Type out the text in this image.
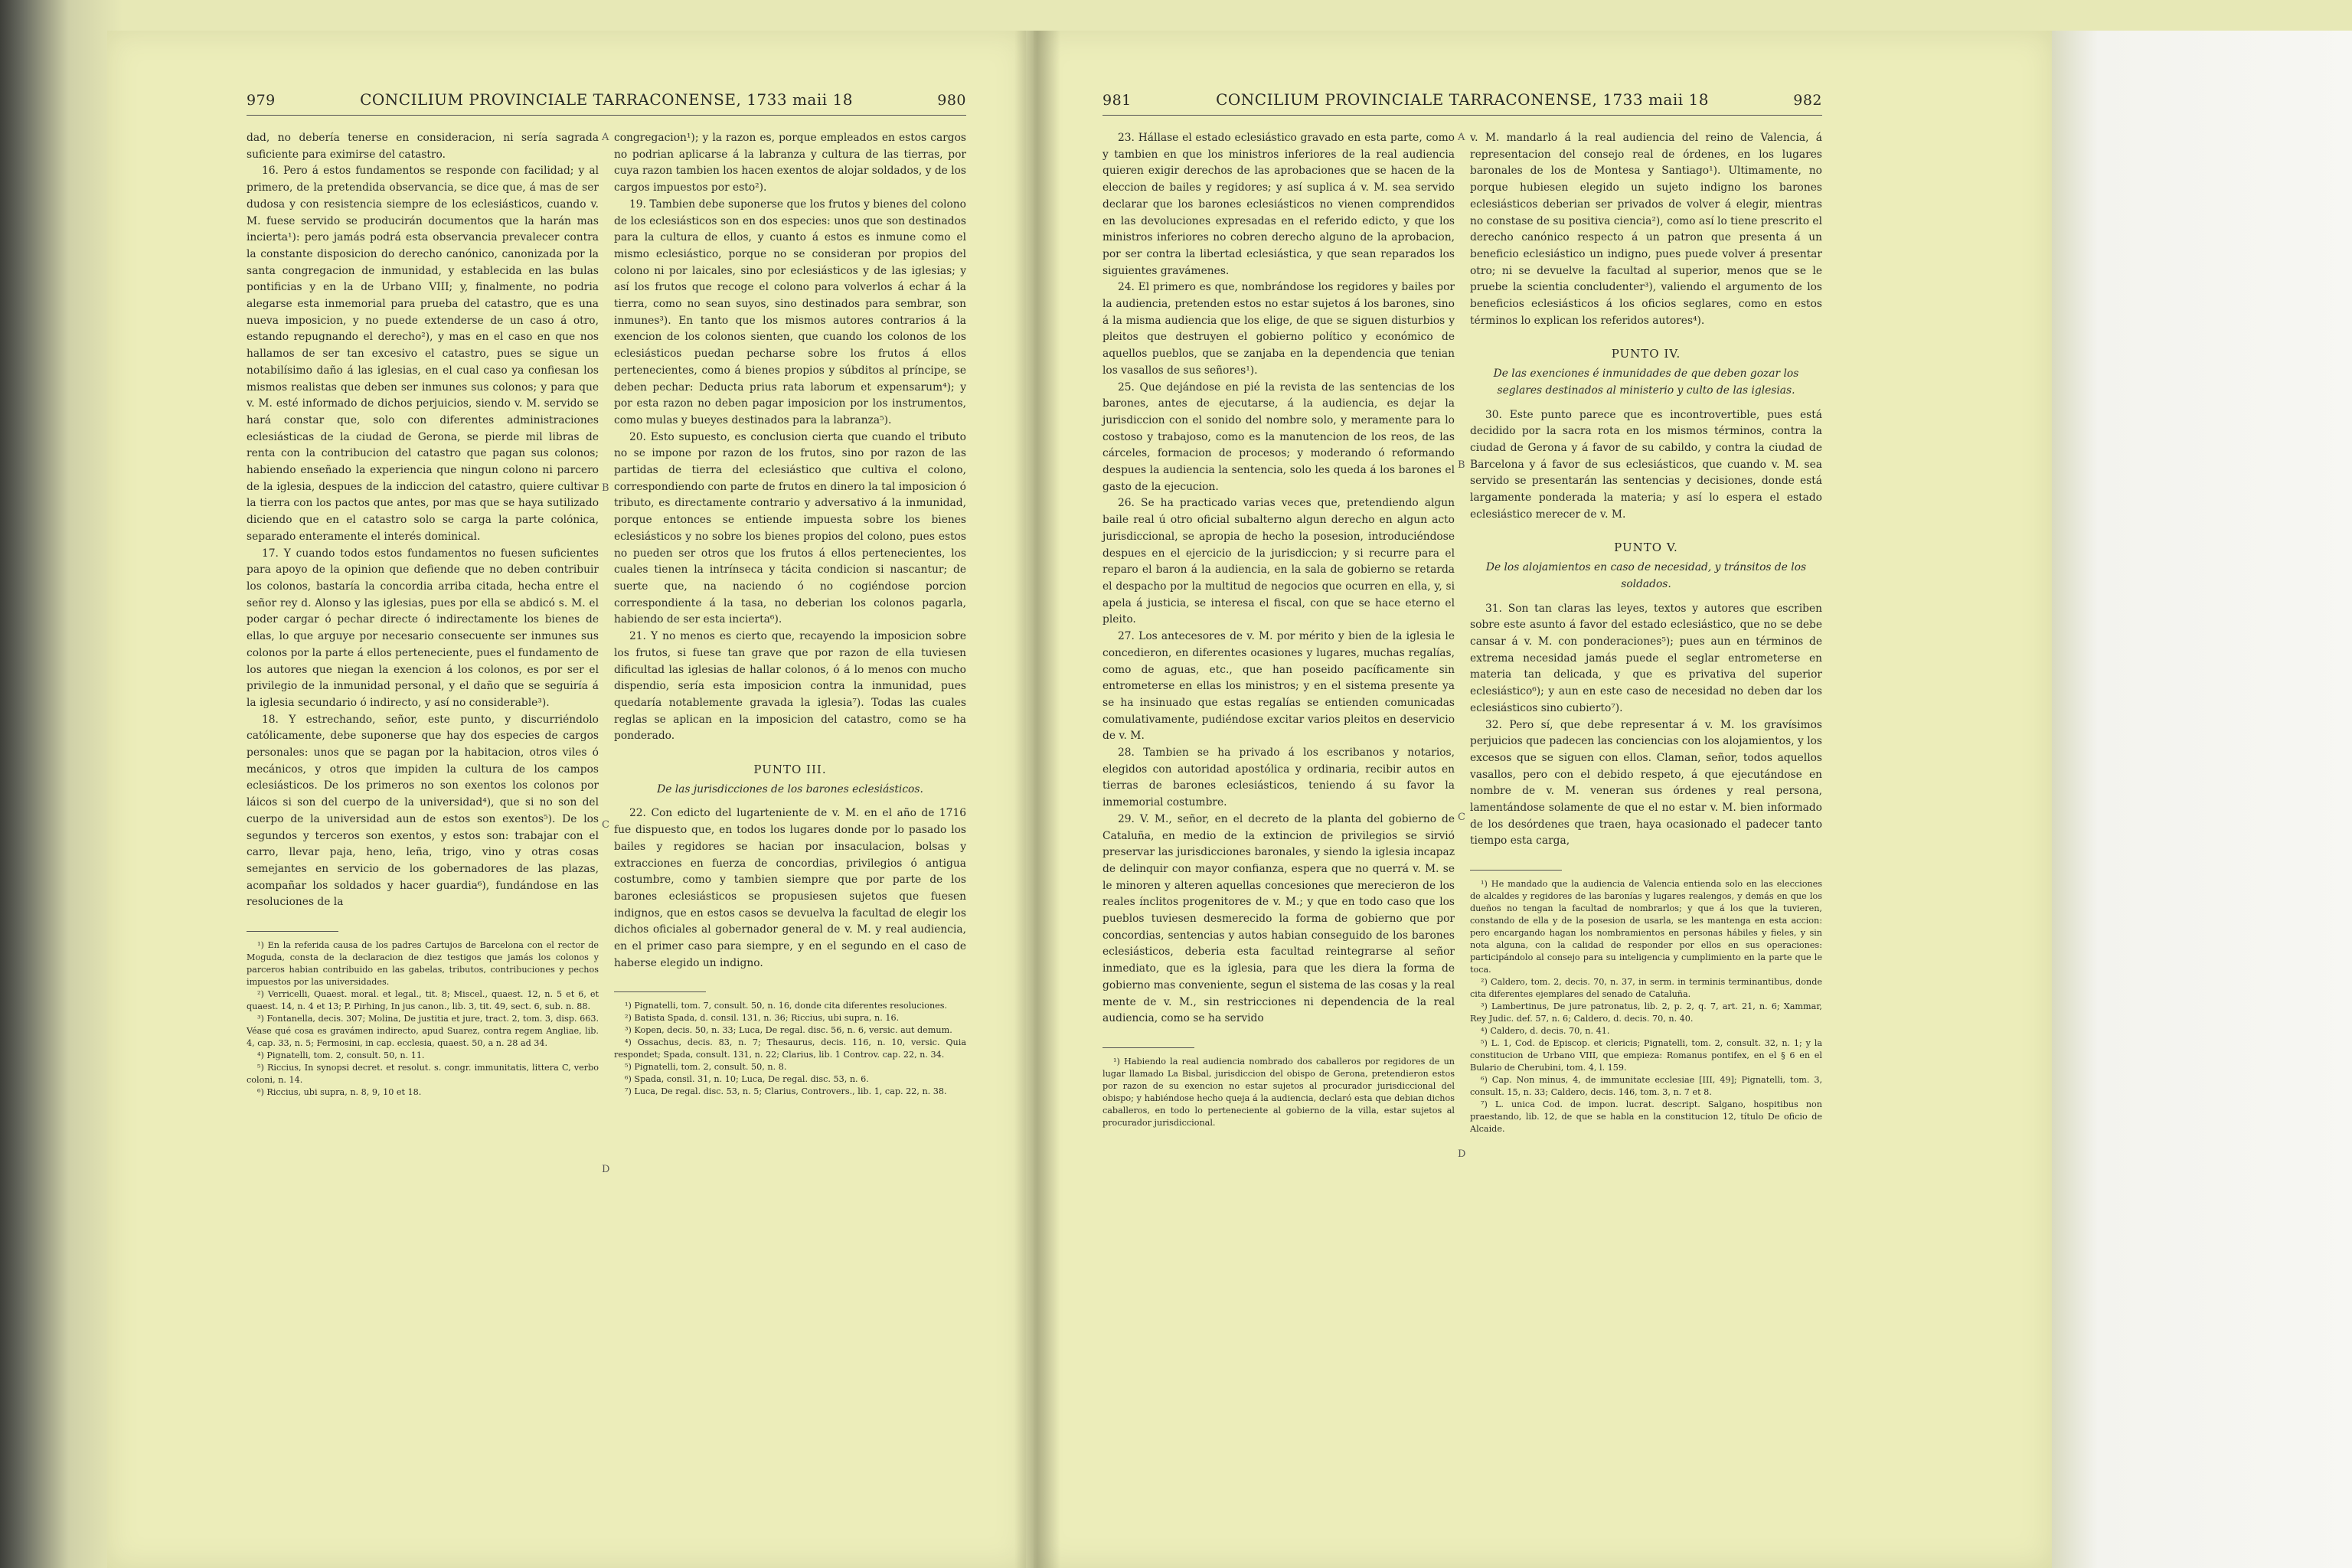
979	CONCILIUM PROVINCIALE TARRACONENSE, 1733 maii 18	980

dad, no debería tenerse en consideracion, ni sería sagrada suficiente para eximirse del catastro.

16. Pero á estos fundamentos se responde con facilidad; y al primero, de la pretendida observancia, se dice que, á mas de ser dudosa y con resistencia siempre de los eclesiásticos, cuando v. M. fuese servido se producirán documentos que la harán mas incierta¹): pero jamás podrá esta observancia prevalecer contra la constante disposicion do derecho canónico, canonizada por la santa congregacion de inmunidad, y establecida en las bulas pontificias y en la de Urbano VIII; y, finalmente, no podria alegarse esta inmemorial para prueba del catastro, que es una nueva imposicion, y no puede extenderse de un caso á otro, estando repugnando el derecho²), y mas en el caso en que nos hallamos de ser tan excesivo el catastro, pues se sigue un notabilísimo daño á las iglesias, en el cual caso ya confiesan los mismos realistas que deben ser inmunes sus colonos; y para que v. M. esté informado de dichos perjuicios, siendo v. M. servido se hará constar que, solo con diferentes administraciones eclesiásticas de la ciudad de Gerona, se pierde mil libras de renta con la contribucion del catastro que pagan sus colonos; habiendo enseñado la experiencia que ningun colono ni parcero de la iglesia, despues de la indiccion del catastro, quiere cultivar la tierra con los pactos que antes, por mas que se haya sutilizado diciendo que en el catastro solo se carga la parte colónica, separado enteramente el interés dominical.

17. Y cuando todos estos fundamentos no fuesen suficientes para apoyo de la opinion que defiende que no deben contribuir los colonos, bastaría la concordia arriba citada, hecha entre el señor rey d. Alonso y las iglesias, pues por ella se abdicó s. M. el poder cargar ó pechar directe ó indirectamente los bienes de ellas, lo que arguye por necesario consecuente ser inmunes sus colonos por la parte á ellos perteneciente, pues el fundamento de los autores que niegan la exencion á los colonos, es por ser el privilegio de la inmunidad personal, y el daño que se seguiría á la iglesia secundario ó indirecto, y así no considerable³).

18. Y estrechando, señor, este punto, y discurriéndolo católicamente, debe suponerse que hay dos especies de cargos personales: unos que se pagan por la habitacion, otros viles ó mecánicos, y otros que impiden la cultura de los campos eclesiásticos. De los primeros no son exentos los colonos por láicos si son del cuerpo de la universidad⁴), que si no son del cuerpo de la universidad aun de estos son exentos⁵). De los segundos y terceros son exentos, y estos son: trabajar con el carro, llevar paja, heno, leña, trigo, vino y otras cosas semejantes en servicio de los gobernadores de las plazas, acompañar los soldados y hacer guardia⁶), fundándose en las resoluciones de la

¹) En la referida causa de los padres Cartujos de Barcelona con el rector de Moguda, consta de la declaracion de diez testigos que jamás los colonos y parceros habian contribuido en las gabelas, tributos, contribuciones y pechos impuestos por las universidades.

²) Verricelli, Quaest. moral. et legal., tit. 8; Miscel., quaest. 12, n. 5 et 6, et quaest. 14, n. 4 et 13; P. Pirhing, In jus canon., lib. 3, tit. 49, sect. 6, sub. n. 88.

³) Fontanella, decis. 307; Molina, De justitia et jure, tract. 2, tom. 3, disp. 663. Véase qué cosa es gravámen indirecto, apud Suarez, contra regem Angliae, lib. 4, cap. 33, n. 5; Fermosini, in cap. ecclesia, quaest. 50, a n. 28 ad 34.

⁴) Pignatelli, tom. 2, consult. 50, n. 11.

⁵) Riccius, In synopsi decret. et resolut. s. congr. immunitatis, littera C, verbo coloni, n. 14.

⁶) Riccius, ubi supra, n. 8, 9, 10 et 18.

congregacion¹); y la razon es, porque empleados en estos cargos no podrian aplicarse á la labranza y cultura de las tierras, por cuya razon tambien los hacen exentos de alojar soldados, y de los cargos impuestos por esto²).

19. Tambien debe suponerse que los frutos y bienes del colono de los eclesiásticos son en dos especies: unos que son destinados para la cultura de ellos, y cuanto á estos es inmune como el mismo eclesiástico, porque no se consideran por propios del colono ni por laicales, sino por eclesiásticos y de las iglesias; y así los frutos que recoge el colono para volverlos á echar á la tierra, como no sean suyos, sino destinados para sembrar, son inmunes³). En tanto que los mismos autores contrarios á la exencion de los colonos sienten, que cuando los colonos de los eclesiásticos puedan pecharse sobre los frutos á ellos pertenecientes, como á bienes propios y súbditos al príncipe, se deben pechar: Deducta prius rata laborum et expensarum⁴); y por esta razon no deben pagar imposicion por los instrumentos, como mulas y bueyes destinados para la labranza⁵).

20. Esto supuesto, es conclusion cierta que cuando el tributo no se impone por razon de los frutos, sino por razon de las partidas de tierra del eclesiástico que cultiva el colono, correspondiendo con parte de frutos en dinero la tal imposicion ó tributo, es directamente contrario y adversativo á la inmunidad, porque entonces se entiende impuesta sobre los bienes eclesiásticos y no sobre los bienes propios del colono, pues estos no pueden ser otros que los frutos á ellos pertenecientes, los cuales tienen la intrínseca y tácita condicion si nascantur; de suerte que, na naciendo ó no cogiéndose porcion correspondiente á la tasa, no deberian los colonos pagarla, habiendo de ser esta incierta⁶).

21. Y no menos es cierto que, recayendo la imposicion sobre los frutos, si fuese tan grave que por razon de ella tuviesen dificultad las iglesias de hallar colonos, ó á lo menos con mucho dispendio, sería esta imposicion contra la inmunidad, pues quedaría notablemente gravada la iglesia⁷). Todas las cuales reglas se aplican en la imposicion del catastro, como se ha ponderado.

PUNTO III.

De las jurisdicciones de los barones eclesiásticos.

22. Con edicto del lugarteniente de v. M. en el año de 1716 fue dispuesto que, en todos los lugares donde por lo pasado los bailes y regidores se hacian por insaculacion, bolsas y extracciones en fuerza de concordias, privilegios ó antigua costumbre, como y tambien siempre que por parte de los barones eclesiásticos se propusiesen sujetos que fuesen indignos, que en estos casos se devuelva la facultad de elegir los dichos oficiales al gobernador general de v. M. y real audiencia, en el primer caso para siempre, y en el segundo en el caso de haberse elegido un indigno.

¹) Pignatelli, tom. 7, consult. 50, n. 16, donde cita diferentes resoluciones.

²) Batista Spada, d. consil. 131, n. 36; Riccius, ubi supra, n. 16.

³) Kopen, decis. 50, n. 33; Luca, De regal. disc. 56, n. 6, versic. aut demum.

⁴) Ossachus, decis. 83, n. 7; Thesaurus, decis. 116, n. 10, versic. Quia respondet; Spada, consult. 131, n. 22; Clarius, lib. 1 Controv. cap. 22, n. 34.

⁵) Pignatelli, tom. 2, consult. 50, n. 8.

⁶) Spada, consil. 31, n. 10; Luca, De regal. disc. 53, n. 6.

⁷) Luca, De regal. disc. 53, n. 5; Clarius, Controvers., lib. 1, cap. 22, n. 38.

A
B
C
D
981	CONCILIUM PROVINCIALE TARRACONENSE, 1733 maii 18	982

23. Hállase el estado eclesiástico gravado en esta parte, como y tambien en que los ministros inferiores de la real audiencia quieren exigir derechos de las aprobaciones que se hacen de la eleccion de bailes y regidores; y así suplica á v. M. sea servido declarar que los barones eclesiásticos no vienen comprendidos en las devoluciones expresadas en el referido edicto, y que los ministros inferiores no cobren derecho alguno de la aprobacion, por ser contra la libertad eclesiástica, y que sean reparados los siguientes gravámenes.

24. El primero es que, nombrándose los regidores y bailes por la audiencia, pretenden estos no estar sujetos á los barones, sino á la misma audiencia que los elige, de que se siguen disturbios y pleitos que destruyen el gobierno político y económico de aquellos pueblos, que se zanjaba en la dependencia que tenian los vasallos de sus señores¹).

25. Que dejándose en pié la revista de las sentencias de los barones, antes de ejecutarse, á la audiencia, es dejar la jurisdiccion con el sonido del nombre solo, y meramente para lo costoso y trabajoso, como es la manutencion de los reos, de las cárceles, formacion de procesos; y moderando ó reformando despues la audiencia la sentencia, solo les queda á los barones el gasto de la ejecucion.

26. Se ha practicado varias veces que, pretendiendo algun baile real ú otro oficial subalterno algun derecho en algun acto jurisdiccional, se apropia de hecho la posesion, introduciéndose despues en el ejercicio de la jurisdiccion; y si recurre para el reparo el baron á la audiencia, en la sala de gobierno se retarda el despacho por la multitud de negocios que ocurren en ella, y, si apela á justicia, se interesa el fiscal, con que se hace eterno el pleito.

27. Los antecesores de v. M. por mérito y bien de la iglesia le concedieron, en diferentes ocasiones y lugares, muchas regalías, como de aguas, etc., que han poseido pacíficamente sin entrometerse en ellas los ministros; y en el sistema presente ya se ha insinuado que estas regalías se entienden comunicadas comulativamente, pudiéndose excitar varios pleitos en deservicio de v. M.

28. Tambien se ha privado á los escribanos y notarios, elegidos con autoridad apostólica y ordinaria, recibir autos en tierras de barones eclesiásticos, teniendo á su favor la inmemorial costumbre.

29. V. M., señor, en el decreto de la planta del gobierno de Cataluña, en medio de la extincion de privilegios se sirvió preservar las jurisdicciones baronales, y siendo la iglesia incapaz de delinquir con mayor confianza, espera que no querrá v. M. se le minoren y alteren aquellas concesiones que merecieron de los reales ínclitos progenitores de v. M.; y que en todo caso que los pueblos tuviesen desmerecido la forma de gobierno que por concordias, sentencias y autos habian conseguido de los barones eclesiásticos, deberia esta facultad reintegrarse al señor inmediato, que es la iglesia, para que les diera la forma de gobierno mas conveniente, segun el sistema de las cosas y la real mente de v. M., sin restricciones ni dependencia de la real audiencia, como se ha servido

¹) Habiendo la real audiencia nombrado dos caballeros por regidores de un lugar llamado La Bisbal, jurisdiccion del obispo de Gerona, pretendieron estos por razon de su exencion no estar sujetos al procurador jurisdiccional del obispo; y habiéndose hecho queja á la audiencia, declaró esta que debian dichos caballeros, en todo lo perteneciente al gobierno de la villa, estar sujetos al procurador jurisdiccional.

v. M. mandarlo á la real audiencia del reino de Valencia, á representacion del consejo real de órdenes, en los lugares baronales de los de Montesa y Santiago¹). Ultimamente, no porque hubiesen elegido un sujeto indigno los barones eclesiásticos deberian ser privados de volver á elegir, mientras no constase de su positiva ciencia²), como así lo tiene prescrito el derecho canónico respecto á un patron que presenta á un beneficio eclesiástico un indigno, pues puede volver á presentar otro; ni se devuelve la facultad al superior, menos que se le pruebe la scientia concludenter³), valiendo el argumento de los beneficios eclesiásticos á los oficios seglares, como en estos términos lo explican los referidos autores⁴).

PUNTO IV.

De las exenciones é inmunidades de que deben gozar los seglares destinados al ministerio y culto de las iglesias.

30. Este punto parece que es incontrovertible, pues está decidido por la sacra rota en los mismos términos, contra la ciudad de Gerona y á favor de su cabildo, y contra la ciudad de Barcelona y á favor de sus eclesiásticos, que cuando v. M. sea servido se presentarán las sentencias y decisiones, donde está largamente ponderada la materia; y así lo espera el estado eclesiástico merecer de v. M.

PUNTO V.

De los alojamientos en caso de necesidad, y tránsitos de los soldados.

31. Son tan claras las leyes, textos y autores que escriben sobre este asunto á favor del estado eclesiástico, que no se debe cansar á v. M. con ponderaciones⁵); pues aun en términos de extrema necesidad jamás puede el seglar entrometerse en materia tan delicada, y que es privativa del superior eclesiástico⁶); y aun en este caso de necesidad no deben dar los eclesiásticos sino cubierto⁷).

32. Pero sí, que debe representar á v. M. los gravísimos perjuicios que padecen las conciencias con los alojamientos, y los excesos que se siguen con ellos. Claman, señor, todos aquellos vasallos, pero con el debido respeto, á que ejecutándose en nombre de v. M. veneran sus órdenes y real persona, lamentándose solamente de que el no estar v. M. bien informado de los desórdenes que traen, haya ocasionado el padecer tanto tiempo esta carga,

¹) He mandado que la audiencia de Valencia entienda solo en las elecciones de alcaldes y regidores de las baronías y lugares realengos, y demás en que los dueños no tengan la facultad de nombrarlos; y que á los que la tuvieren, constando de ella y de la posesion de usarla, se les mantenga en esta accion: pero encargando hagan los nombramientos en personas hábiles y fieles, y sin nota alguna, con la calidad de responder por ellos en sus operaciones: participándolo al consejo para su inteligencia y cumplimiento en la parte que le toca.

²) Caldero, tom. 2, decis. 70, n. 37, in serm. in terminis terminantibus, donde cita diferentes ejemplares del senado de Cataluña.

³) Lambertinus, De jure patronatus, lib. 2, p. 2, q. 7, art. 21, n. 6; Xammar, Rey Judic. def. 57, n. 6; Caldero, d. decis. 70, n. 40.

⁴) Caldero, d. decis. 70, n. 41.

⁵) L. 1, Cod. de Episcop. et clericis; Pignatelli, tom. 2, consult. 32, n. 1; y la constitucion de Urbano VIII, que empieza: Romanus pontifex, en el § 6 en el Bulario de Cherubini, tom. 4, l. 159.

⁶) Cap. Non minus, 4, de immunitate ecclesiae [III, 49]; Pignatelli, tom. 3, consult. 15, n. 33; Caldero, decis. 146, tom. 3, n. 7 et 8.

⁷) L. unica Cod. de impon. lucrat. descript. Salgano, hospitibus non praestando, lib. 12, de que se habla en la constitucion 12, título De oficio de Alcaide.

A
B
C
D
